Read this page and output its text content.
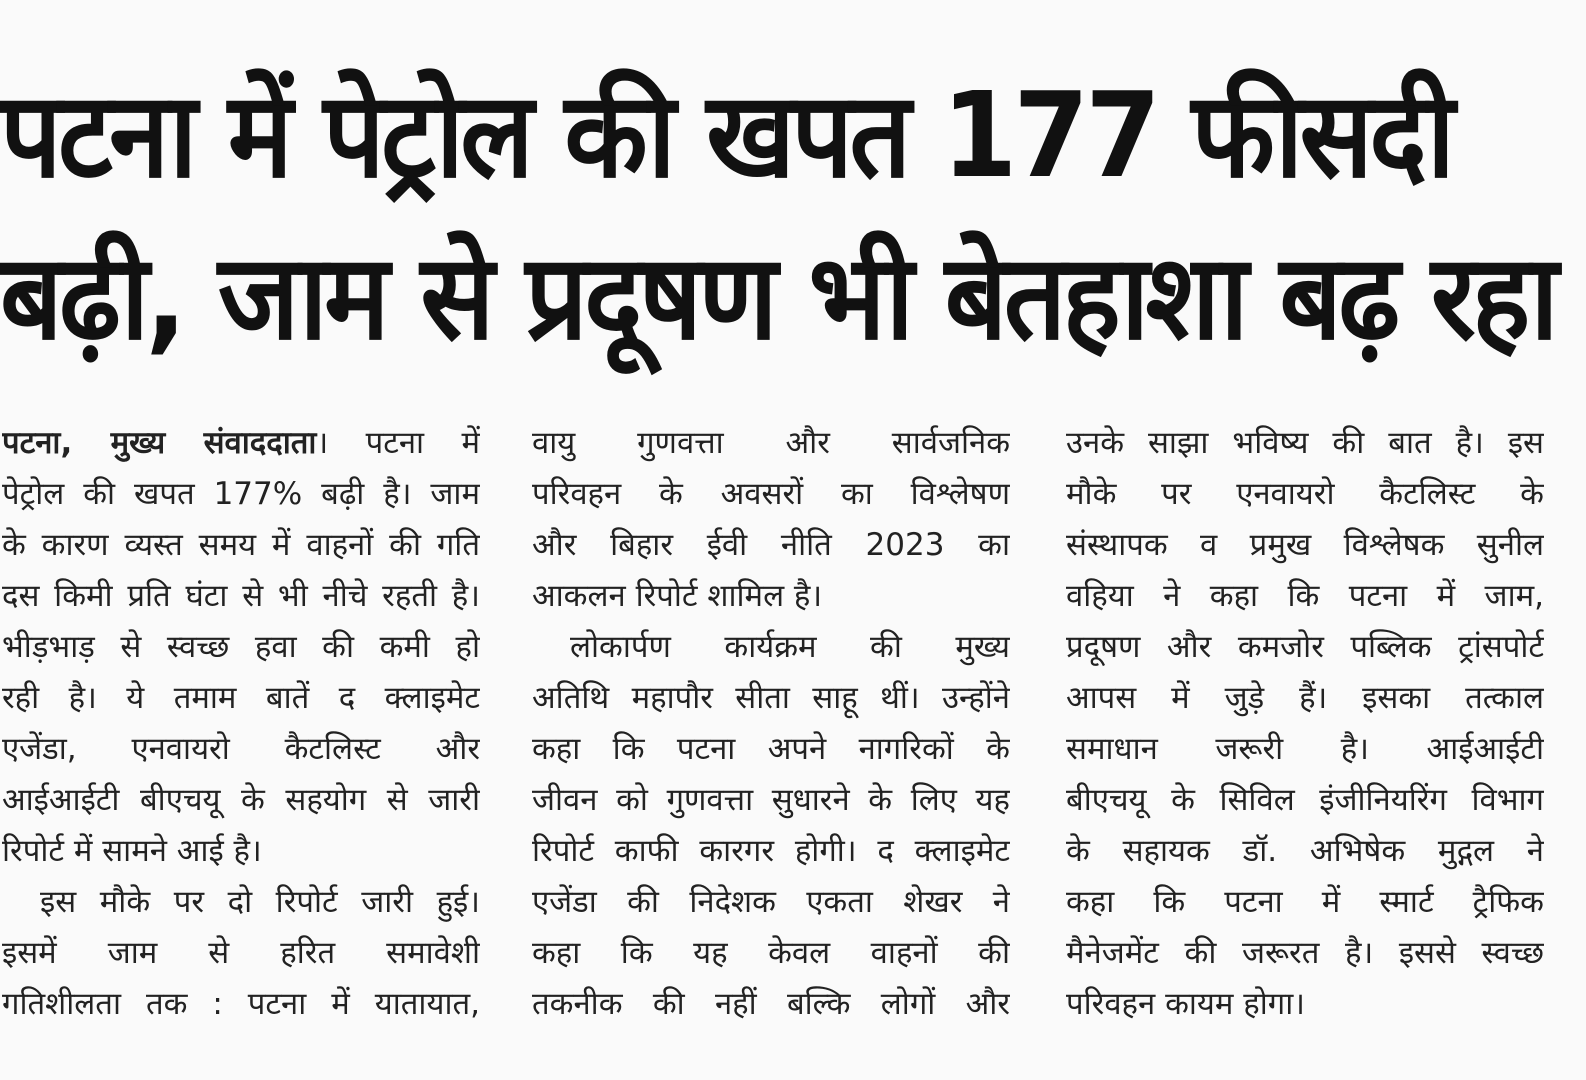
पटना में पेट्रोल की खपत 177 फीसदी
बढ़ी, जाम से प्रदूषण भी बेतहाशा बढ़ रहा
पटना, मुख्य संवाददाता। पटना में
पेट्रोल की खपत 177% बढ़ी है। जाम
के कारण व्यस्त समय में वाहनों की गति
दस किमी प्रति घंटा से भी नीचे रहती है।
भीड़भाड़ से स्वच्छ हवा की कमी हो
रही है। ये तमाम बातें द क्लाइमेट
एजेंडा, एनवायरो कैटलिस्ट और
आईआईटी बीएचयू के सहयोग से जारी
रिपोर्ट में सामने आई है।
इस मौके पर दो रिपोर्ट जारी हुई।
इसमें जाम से हरित समावेशी
गतिशीलता तक : पटना में यातायात,
वायु गुणवत्ता और सार्वजनिक
परिवहन के अवसरों का विश्लेषण
और बिहार ईवी नीति 2023 का
आकलन रिपोर्ट शामिल है।
लोकार्पण कार्यक्रम की मुख्य
अतिथि महापौर सीता साहू थीं। उन्होंने
कहा कि पटना अपने नागरिकों के
जीवन को गुणवत्ता सुधारने के लिए यह
रिपोर्ट काफी कारगर होगी। द क्लाइमेट
एजेंडा की निदेशक एकता शेखर ने
कहा कि यह केवल वाहनों की
तकनीक की नहीं बल्कि लोगों और
उनके साझा भविष्य की बात है। इस
मौके पर एनवायरो कैटलिस्ट के
संस्थापक व प्रमुख विश्लेषक सुनील
वहिया ने कहा कि पटना में जाम,
प्रदूषण और कमजोर पब्लिक ट्रांसपोर्ट
आपस में जुड़े हैं। इसका तत्काल
समाधान जरूरी है। आईआईटी
बीएचयू के सिविल इंजीनियरिंग विभाग
के सहायक डॉ. अभिषेक मुद्गल ने
कहा कि पटना में स्मार्ट ट्रैफिक
मैनेजमेंट की जरूरत है। इससे स्वच्छ
परिवहन कायम होगा।
